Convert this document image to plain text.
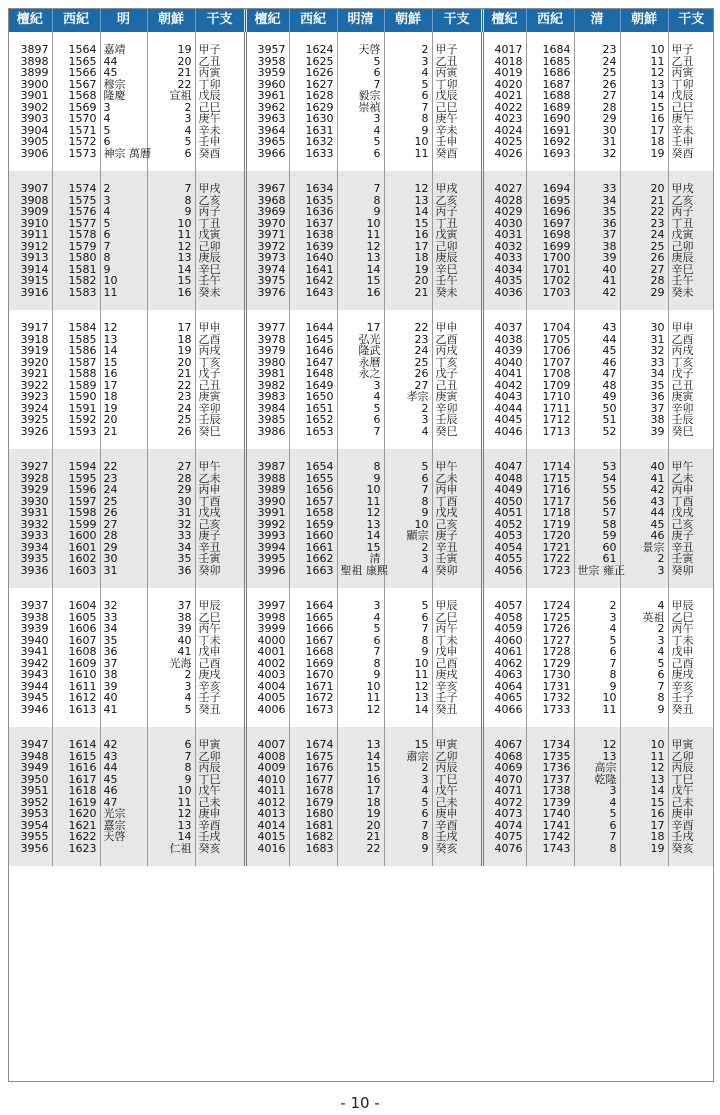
檀紀	西紀	明	朝鮮	干支	檀紀	西紀	明清	朝鮮	干支	檀紀	西紀	清	朝鮮	干支

3897	1564	嘉靖	19	甲子	3957	1624	天啓	2	甲子	4017	1684	23	10	甲子
3898	1565	44	20	乙丑	3958	1625	5	3	乙丑	4018	1685	24	11	乙丑
3899	1566	45	21	丙寅	3959	1626	6	4	丙寅	4019	1686	25	12	丙寅
3900	1567	穆宗	22	丁卯	3960	1627	7	5	丁卯	4020	1687	26	13	丁卯
3901	1568	隆慶	宣祖	戊辰	3961	1628	毅宗	6	戊辰	4021	1688	27	14	戊辰
3902	1569	3	2	己巳	3962	1629	崇禎	7	己巳	4022	1689	28	15	己巳
3903	1570	4	3	庚午	3963	1630	3	8	庚午	4023	1690	29	16	庚午
3904	1571	5	4	辛未	3964	1631	4	9	辛未	4024	1691	30	17	辛未
3905	1572	6	5	壬申	3965	1632	5	10	壬申	4025	1692	31	18	壬申
3906	1573	神宗 萬曆	6	癸酉	3966	1633	6	11	癸酉	4026	1693	32	19	癸酉

3907	1574	2	7	甲戌	3967	1634	7	12	甲戌	4027	1694	33	20	甲戌
3908	1575	3	8	乙亥	3968	1635	8	13	乙亥	4028	1695	34	21	乙亥
3909	1576	4	9	丙子	3969	1636	9	14	丙子	4029	1696	35	22	丙子
3910	1577	5	10	丁丑	3970	1637	10	15	丁丑	4030	1697	36	23	丁丑
3911	1578	6	11	戊寅	3971	1638	11	16	戊寅	4031	1698	37	24	戊寅
3912	1579	7	12	己卯	3972	1639	12	17	己卯	4032	1699	38	25	己卯
3913	1580	8	13	庚辰	3973	1640	13	18	庚辰	4033	1700	39	26	庚辰
3914	1581	9	14	辛巳	3974	1641	14	19	辛巳	4034	1701	40	27	辛巳
3915	1582	10	15	壬午	3975	1642	15	20	壬午	4035	1702	41	28	壬午
3916	1583	11	16	癸未	3976	1643	16	21	癸未	4036	1703	42	29	癸未

3917	1584	12	17	甲申	3977	1644	17	22	甲申	4037	1704	43	30	甲申
3918	1585	13	18	乙酉	3978	1645	弘光	23	乙酉	4038	1705	44	31	乙酉
3919	1586	14	19	丙戌	3979	1646	隆武	24	丙戌	4039	1706	45	32	丙戌
3920	1587	15	20	丁亥	3980	1647	永曆	25	丁亥	4040	1707	46	33	丁亥
3921	1588	16	21	戊子	3981	1648	永之	26	戊子	4041	1708	47	34	戊子
3922	1589	17	22	己丑	3982	1649	3	27	己丑	4042	1709	48	35	己丑
3923	1590	18	23	庚寅	3983	1650	4	孝宗	庚寅	4043	1710	49	36	庚寅
3924	1591	19	24	辛卯	3984	1651	5	2	辛卯	4044	1711	50	37	辛卯
3925	1592	20	25	壬辰	3985	1652	6	3	壬辰	4045	1712	51	38	壬辰
3926	1593	21	26	癸巳	3986	1653	7	4	癸巳	4046	1713	52	39	癸巳

3927	1594	22	27	甲午	3987	1654	8	5	甲午	4047	1714	53	40	甲午
3928	1595	23	28	乙未	3988	1655	9	6	乙未	4048	1715	54	41	乙未
3929	1596	24	29	丙申	3989	1656	10	7	丙申	4049	1716	55	42	丙申
3930	1597	25	30	丁酉	3990	1657	11	8	丁酉	4050	1717	56	43	丁酉
3931	1598	26	31	戊戌	3991	1658	12	9	戊戌	4051	1718	57	44	戊戌
3932	1599	27	32	己亥	3992	1659	13	10	己亥	4052	1719	58	45	己亥
3933	1600	28	33	庚子	3993	1660	14	顯宗	庚子	4053	1720	59	46	庚子
3934	1601	29	34	辛丑	3994	1661	15	2	辛丑	4054	1721	60	景宗	辛丑
3935	1602	30	35	壬寅	3995	1662	清	3	壬寅	4055	1722	61	2	壬寅
3936	1603	31	36	癸卯	3996	1663	聖祖 康熙	4	癸卯	4056	1723	世宗 雍正	3	癸卯

3937	1604	32	37	甲辰	3997	1664	3	5	甲辰	4057	1724	2	4	甲辰
3938	1605	33	38	乙巳	3998	1665	4	6	乙巳	4058	1725	3	英祖	乙巳
3939	1606	34	39	丙午	3999	1666	5	7	丙午	4059	1726	4	2	丙午
3940	1607	35	40	丁未	4000	1667	6	8	丁未	4060	1727	5	3	丁未
3941	1608	36	41	戊申	4001	1668	7	9	戊申	4061	1728	6	4	戊申
3942	1609	37	光海	己酉	4002	1669	8	10	己酉	4062	1729	7	5	己酉
3943	1610	38	2	庚戌	4003	1670	9	11	庚戌	4063	1730	8	6	庚戌
3944	1611	39	3	辛亥	4004	1671	10	12	辛亥	4064	1731	9	7	辛亥
3945	1612	40	4	壬子	4005	1672	11	13	壬子	4065	1732	10	8	壬子
3946	1613	41	5	癸丑	4006	1673	12	14	癸丑	4066	1733	11	9	癸丑

3947	1614	42	6	甲寅	4007	1674	13	15	甲寅	4067	1734	12	10	甲寅
3948	1615	43	7	乙卯	4008	1675	14	肅宗	乙卯	4068	1735	13	11	乙卯
3949	1616	44	8	丙辰	4009	1676	15	2	丙辰	4069	1736	高宗	12	丙辰
3950	1617	45	9	丁巳	4010	1677	16	3	丁巳	4070	1737	乾隆	13	丁巳
3951	1618	46	10	戊午	4011	1678	17	4	戊午	4071	1738	3	14	戊午
3952	1619	47	11	己未	4012	1679	18	5	己未	4072	1739	4	15	己未
3953	1620	光宗	12	庚申	4013	1680	19	6	庚申	4073	1740	5	16	庚申
3954	1621	憙宗	13	辛酉	4014	1681	20	7	辛酉	4074	1741	6	17	辛酉
3955	1622	天啓	14	壬戌	4015	1682	21	8	壬戌	4075	1742	7	18	壬戌
3956	1623		仁祖	癸亥	4016	1683	22	9	癸亥	4076	1743	8	19	癸亥

- 10 -
